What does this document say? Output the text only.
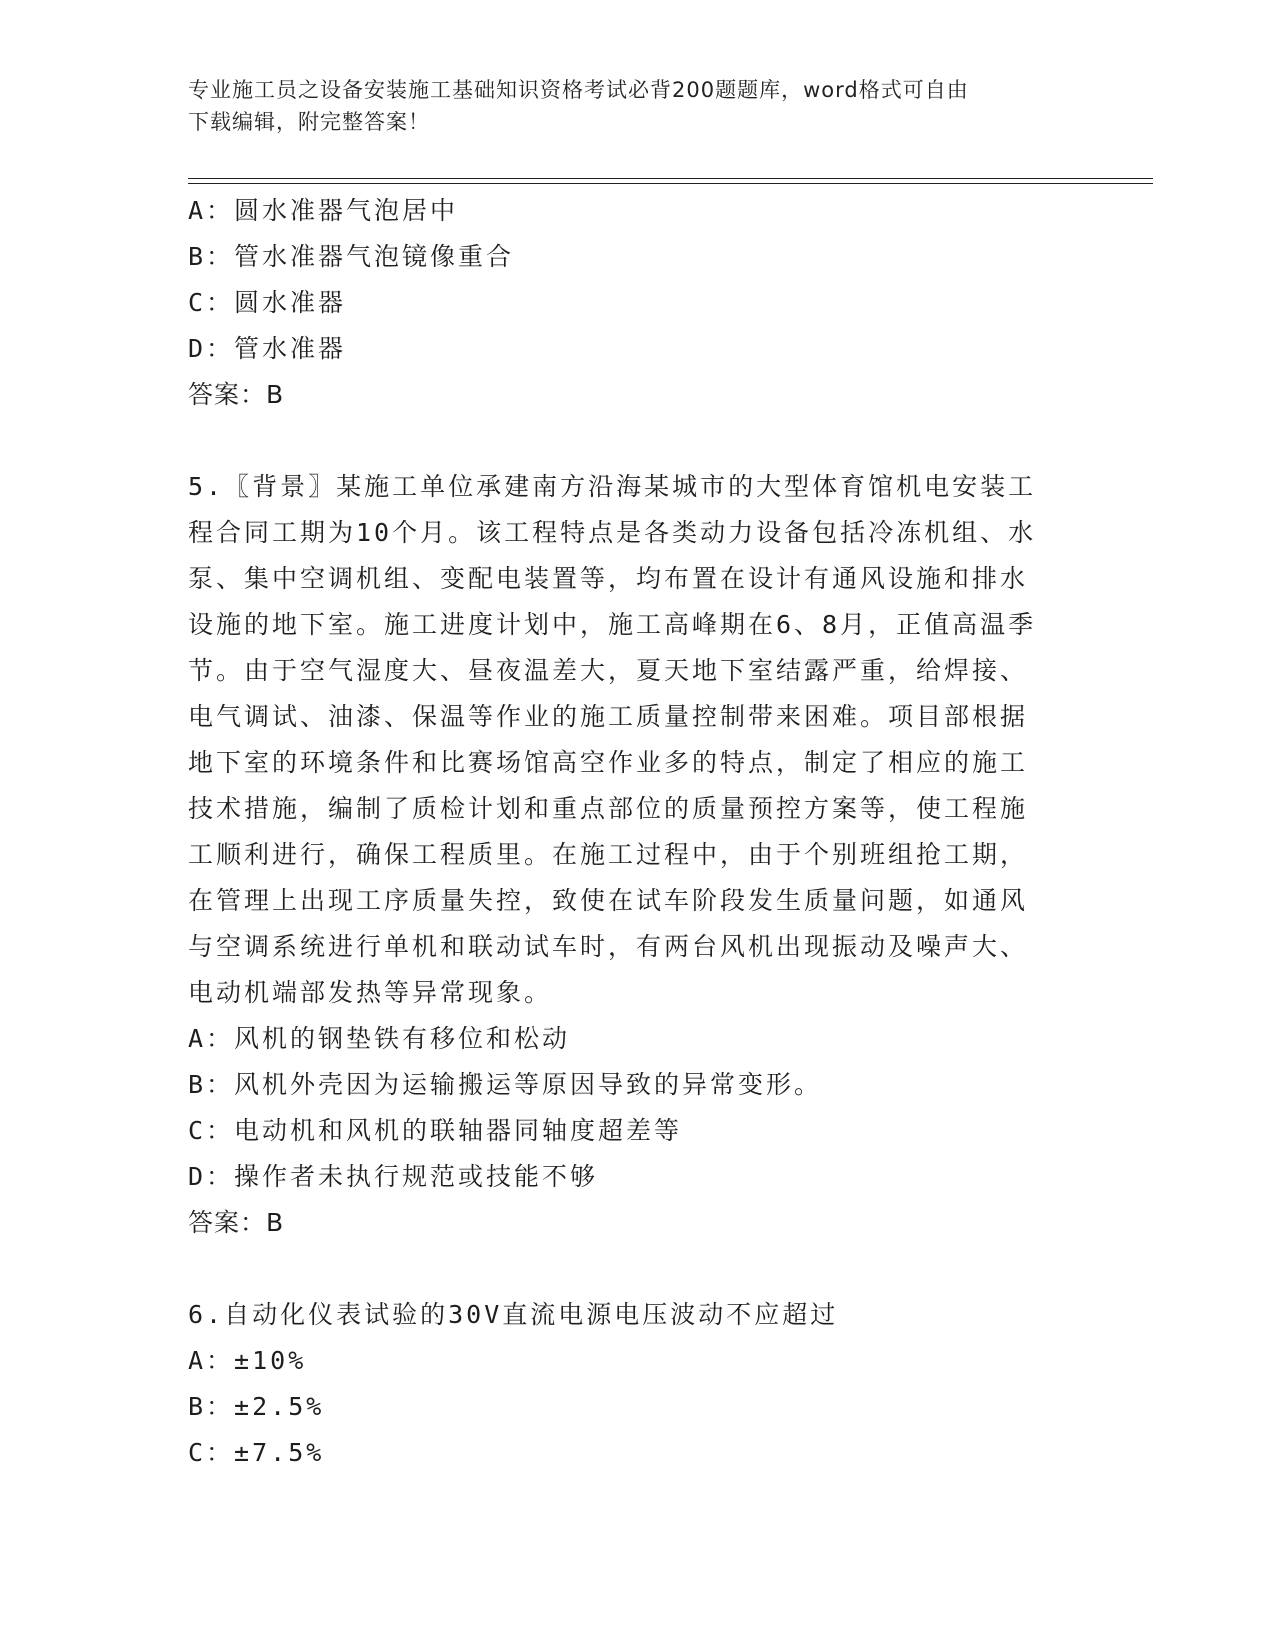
专业施工员之设备安装施工基础知识资格考试必背200题题库，word格式可自由
下载编辑，附完整答案！
A：圆水准器气泡居中
B：管水准器气泡镜像重合
C：圆水准器
D：管水准器
答案：B
5.〖背景〗某施工单位承建南方沿海某城市的大型体育馆机电安装工
程合同工期为10个月。该工程特点是各类动力设备包括冷冻机组、水
泵、集中空调机组、变配电装置等，均布置在设计有通风设施和排水
设施的地下室。施工进度计划中，施工高峰期在6、8月，正值高温季
节。由于空气湿度大、昼夜温差大，夏天地下室结露严重，给焊接、
电气调试、油漆、保温等作业的施工质量控制带来困难。项目部根据
地下室的环境条件和比赛场馆高空作业多的特点，制定了相应的施工
技术措施，编制了质检计划和重点部位的质量预控方案等，使工程施
工顺利进行，确保工程质里。在施工过程中，由于个别班组抢工期，
在管理上出现工序质量失控，致使在试车阶段发生质量问题，如通风
与空调系统进行单机和联动试车时，有两台风机出现振动及噪声大、
电动机端部发热等异常现象。
A：风机的钢垫铁有移位和松动
B：风机外壳因为运输搬运等原因导致的异常变形。
C：电动机和风机的联轴器同轴度超差等
D：操作者未执行规范或技能不够
答案：B
6.自动化仪表试验的30V直流电源电压波动不应超过
A：±10%
B：±2.5%
C：±7.5%
